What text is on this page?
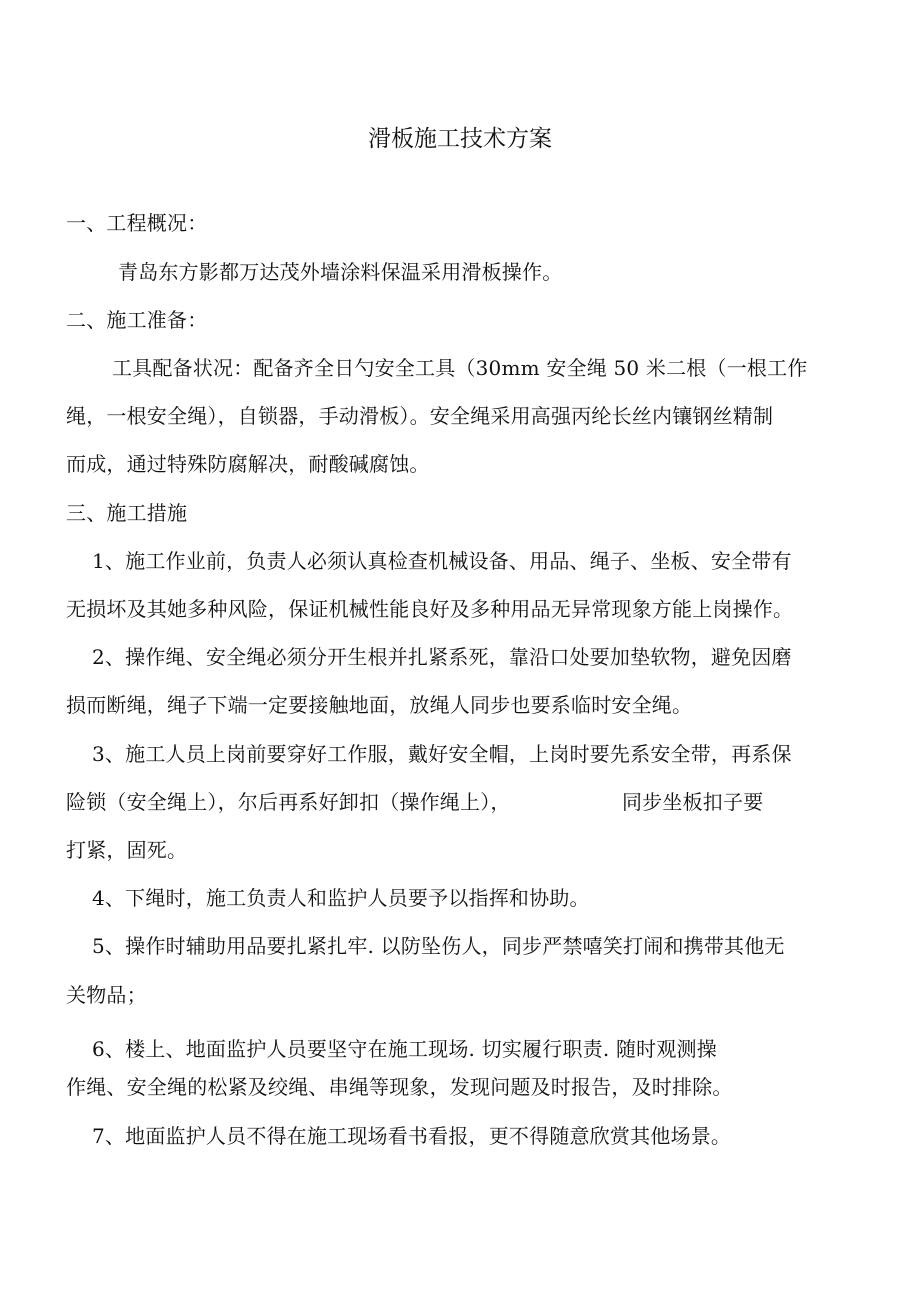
滑板施工技术方案
一、工程概况：
青岛东方影都万达茂外墙涂料保温采用滑板操作。
二、施工准备：
工具配备状况：配备齐全日勺安全工具（30mm 安全绳 50 米二根（一根工作
绳，一根安全绳），自锁器，手动滑板）。安全绳采用高强丙纶长丝内镶钢丝精制
而成，通过特殊防腐解决，耐酸碱腐蚀。
三、施工措施
1、施工作业前，负责人必须认真检查机械设备、用品、绳子、坐板、安全带有
无损坏及其她多种风险，保证机械性能良好及多种用品无异常现象方能上岗操作。
2、操作绳、安全绳必须分开生根并扎紧系死，靠沿口处要加垫软物，避免因磨
损而断绳，绳子下端一定要接触地面，放绳人同步也要系临时安全绳。
3、施工人员上岗前要穿好工作服，戴好安全帽，上岗时要先系安全带，再系保
险锁（安全绳上），尔后再系好卸扣（操作绳上），	同步坐板扣子要
打紧，固死。
4、下绳时，施工负责人和监护人员要予以指挥和协助。
5、操作时辅助用品要扎紧扎牢. 以防坠伤人，同步严禁嘻笑打闹和携带其他无
关物品；
6、楼上、地面监护人员要坚守在施工现场. 切实履行职责. 随时观测操
作绳、安全绳的松紧及绞绳、串绳等现象，发现问题及时报告，及时排除。
7、地面监护人员不得在施工现场看书看报，更不得随意欣赏其他场景。
